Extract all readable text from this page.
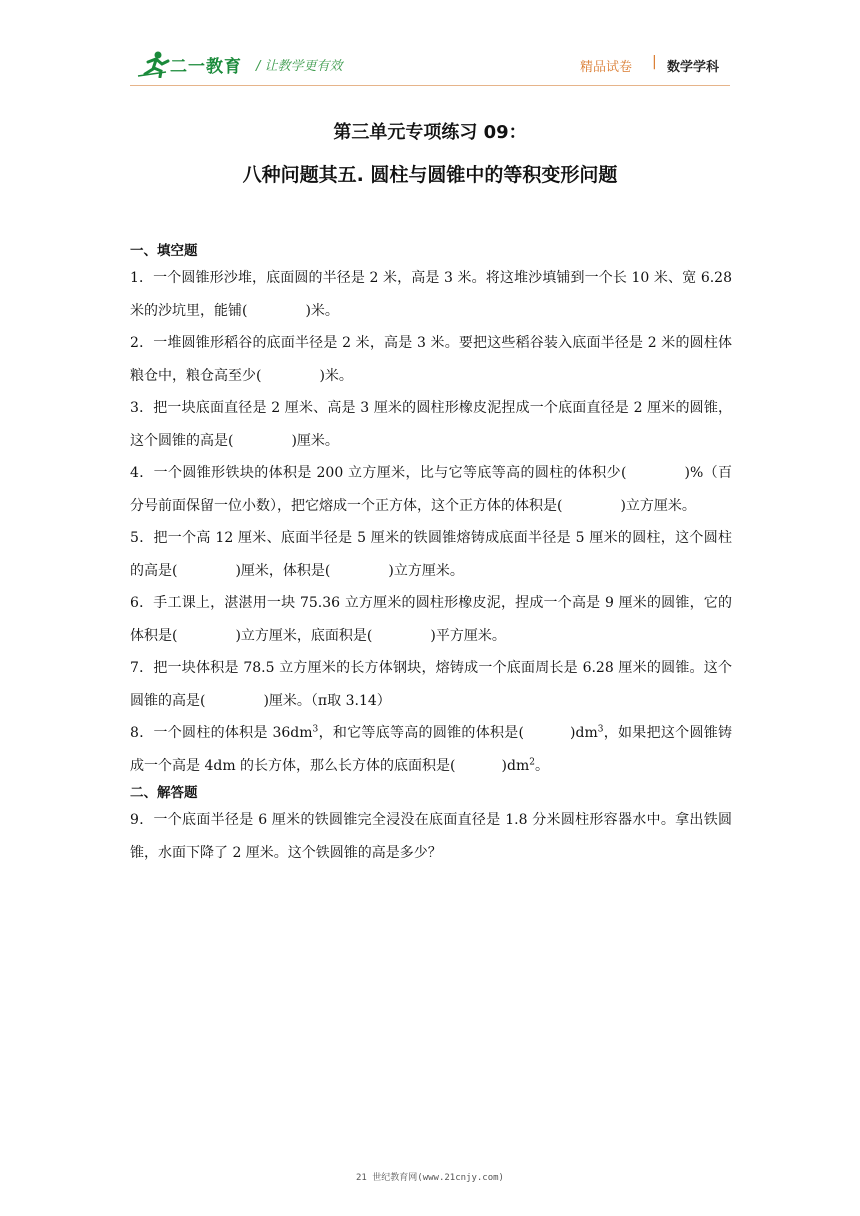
二一教育 / 让教学更有效	精品试卷 | 数学学科
第三单元专项练习 09：
八种问题其五. 圆柱与圆锥中的等积变形问题
一、填空题

1．一个圆锥形沙堆，底面圆的半径是 2 米，高是 3 米。将这堆沙填铺到一个长 10 米、宽 6.28 米的沙坑里，能铺(	)米。

2．一堆圆锥形稻谷的底面半径是 2 米，高是 3 米。要把这些稻谷装入底面半径是 2 米的圆柱体粮仓中，粮仓高至少(	)米。

3．把一块底面直径是 2 厘米、高是 3 厘米的圆柱形橡皮泥捏成一个底面直径是 2 厘米的圆锥，这个圆锥的高是(	)厘米。

4．一个圆锥形铁块的体积是 200 立方厘米，比与它等底等高的圆柱的体积少(	)%（百分号前面保留一位小数），把它熔成一个正方体，这个正方体的体积是(	)立方厘米。

5．把一个高 12 厘米、底面半径是 5 厘米的铁圆锥熔铸成底面半径是 5 厘米的圆柱，这个圆柱的高是(	)厘米，体积是(	)立方厘米。

6．手工课上，湛湛用一块 75.36 立方厘米的圆柱形橡皮泥，捏成一个高是 9 厘米的圆锥，它的体积是(	)立方厘米，底面积是(	)平方厘米。

7．把一块体积是 78.5 立方厘米的长方体钢块，熔铸成一个底面周长是 6.28 厘米的圆锥。这个圆锥的高是(	)厘米。（π取 3.14）

8．一个圆柱的体积是 $36dm^3$，和它等底等高的圆锥的体积是(	)$dm^3$，如果把这个圆锥铸成一个高是 4dm 的长方体，那么长方体的底面积是(	)$dm^2$。

二、解答题

9．一个底面半径是 6 厘米的铁圆锥完全浸没在底面直径是 1.8 分米圆柱形容器水中。拿出铁圆锥，水面下降了 2 厘米。这个铁圆锥的高是多少？

21 世纪教育网(www.21cnjy.com)
